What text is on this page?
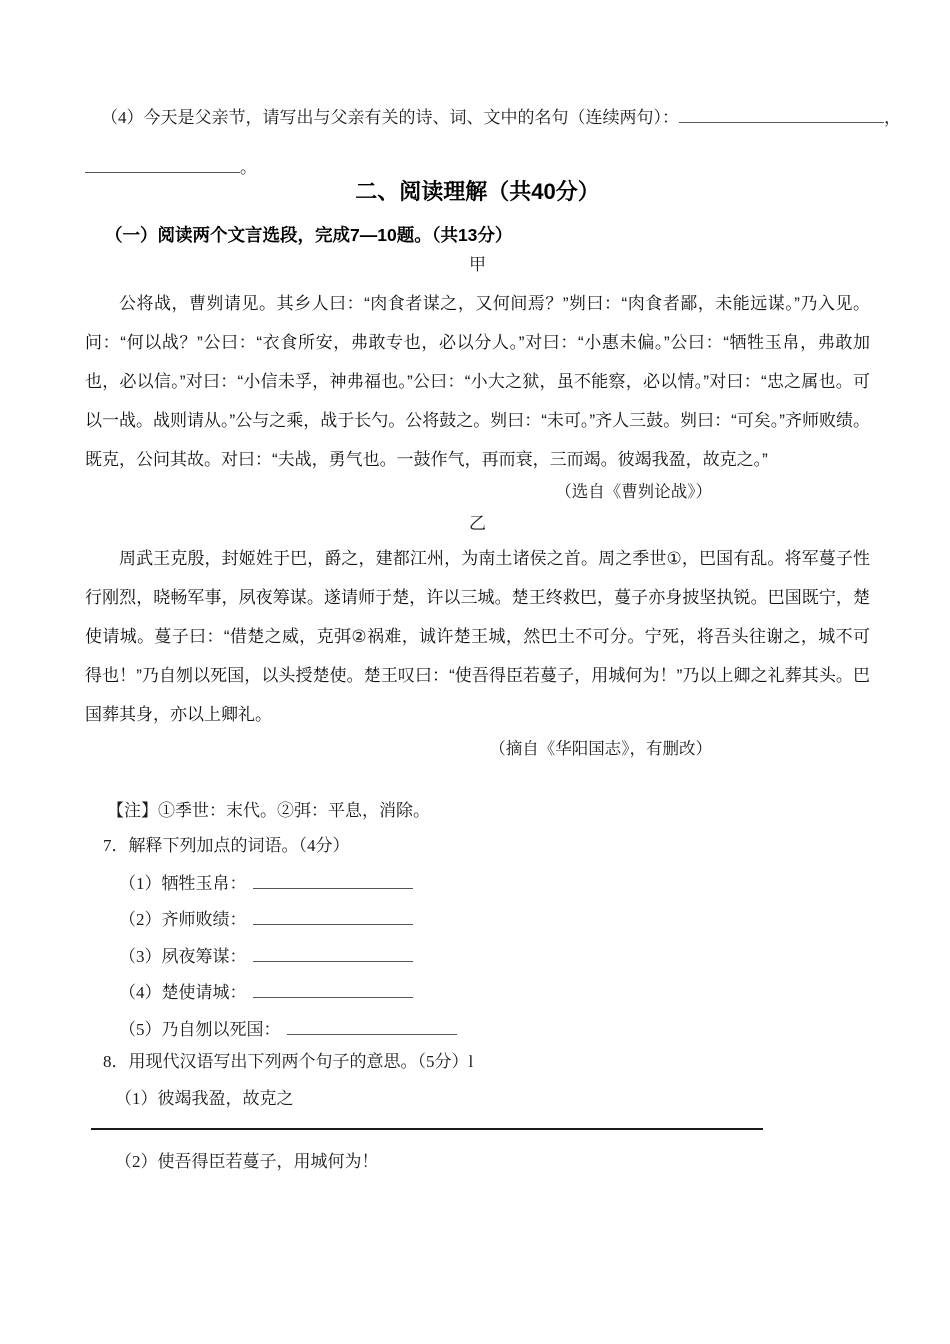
（4）今天是父亲节，请写出与父亲有关的诗、词、文中的名句（连续两句）：	，
。
二、阅读理解（共40分）
（一）阅读两个文言选段，完成7—10题。（共13分）
甲

公将战，曹刿请见。其乡人曰：“肉食者谋之，又何间焉？”刿曰：“肉食者鄙，未能远谋。”乃入见。问：“何以战？”公曰：“衣食所安，弗敢专也，必以分人。”对曰：“小惠未偏。”公曰：“牺牲玉帛，弗敢加也，必以信。”对曰：“小信未孚，神弗福也。”公曰：“小大之狱，虽不能察，必以情。”对曰：“忠之属也。可以一战。战则请从。”公与之乘，战于长勺。公将鼓之。刿曰：“未可。”齐人三鼓。刿曰：“可矣。”齐师败绩。既克，公问其故。对曰：“夫战，勇气也。一鼓作气，再而衰，三而竭。彼竭我盈，故克之。”

（选自《曹刿论战》）
乙

周武王克殷，封姬姓于巴，爵之，建都江州，为南土诸侯之首。周之季世①，巴国有乱。将军蔓子性行刚烈，晓畅军事，夙夜筹谋。遂请师于楚，许以三城。楚王终救巴，蔓子亦身披坚执锐。巴国既宁，楚使请城。蔓子曰：“借楚之威，克弭②祸难，诚许楚王城，然巴土不可分。宁死，将吾头往谢之，城不可得也！”乃自刎以死国，以头授楚使。楚王叹曰：“使吾得臣若蔓子，用城何为！”乃以上卿之礼葬其头。巴国葬其身，亦以上卿礼。

（摘自《华阳国志》，有删改）
【注】①季世：末代。②弭：平息，消除。
7．解释下列加点的词语。（4分）
（1）牺牲玉帛：
（2）齐师败绩：
（3）夙夜筹谋：
（4）楚使请城：
（5）乃自刎以死国：
8．用现代汉语写出下列两个句子的意思。（5分）l
（1）彼竭我盈，故克之
（2）使吾得臣若蔓子，用城何为！
